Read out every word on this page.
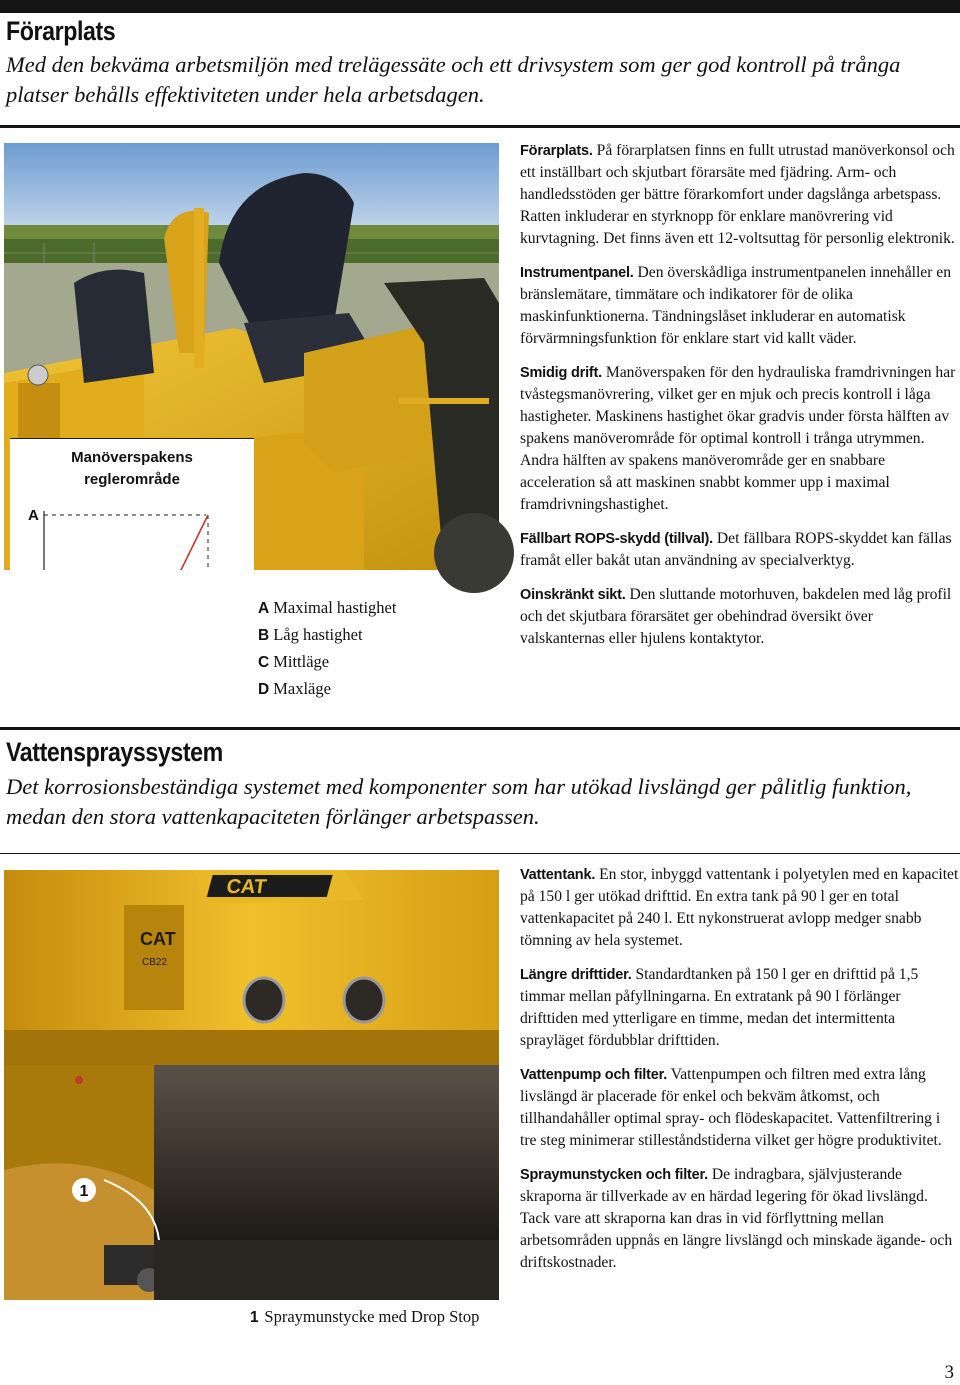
Förarplats

Med den bekväma arbetsmiljön med trelägessäte och ett drivsystem som ger god kontroll på trånga platser behålls effektiviteten under hela arbetsdagen.

Manöverspakens
reglerområde
A
A Maximal hastighet
B Låg hastighet
C Mittläge
D Maxläge

Förarplats. På förarplatsen finns en fullt utrustad manöverkonsol och ett inställbart och skjutbart förarsäte med fjädring. Arm- och handledsstöden ger bättre förarkomfort under dagslånga arbetspass. Ratten inkluderar en styrknopp för enklare manövrering vid kurvtagning. Det finns även ett 12-voltsuttag för personlig elektronik.

Instrumentpanel. Den överskådliga instrumentpanelen innehåller en bränslemätare, timmätare och indikatorer för de olika maskinfunktionerna. Tändningslåset inkluderar en automatisk förvärmningsfunktion för enklare start vid kallt väder.

Smidig drift. Manöverspaken för den hydrauliska framdrivningen har tvåstegsmanövrering, vilket ger en mjuk och precis kontroll i låga hastigheter. Maskinens hastighet ökar gradvis under första hälften av spakens manöverområde för optimal kontroll i trånga utrymmen. Andra hälften av spakens manöverområde ger en snabbare acceleration så att maskinen snabbt kommer upp i maximal framdrivningshastighet.

Fällbart ROPS-skydd (tillval). Det fällbara ROPS-skyddet kan fällas framåt eller bakåt utan användning av specialverktyg.

Oinskränkt sikt. Den sluttande motorhuven, bakdelen med låg profil och det skjutbara förarsätet ger obehindrad översikt över valskanternas eller hjulens kontaktytor.

Vattensprayssystem

Det korrosionsbeständiga systemet med komponenter som har utökad livslängd ger pålitlig funktion, medan den stora vattenkapaciteten förlänger arbetspassen.

CAT
CAT
CB22
1
1 Spraymunstycke med Drop Stop

Vattentank. En stor, inbyggd vattentank i polyetylen med en kapacitet på 150 l ger utökad drifttid. En extra tank på 90 l ger en total vattenkapacitet på 240 l. Ett nykonstruerat avlopp medger snabb tömning av hela systemet.

Längre drifttider. Standardtanken på 150 l ger en drifttid på 1,5 timmar mellan påfyllningarna. En extratank på 90 l förlänger drifttiden med ytterligare en timme, medan det intermittenta sprayläget fördubblar drifttiden.

Vattenpump och filter. Vattenpumpen och filtren med extra lång livslängd är placerade för enkel och bekväm åtkomst, och tillhandahåller optimal spray- och flödeskapacitet. Vattenfiltrering i tre steg minimerar stilleståndstiderna vilket ger högre produktivitet.

Spraymunstycken och filter. De indragbara, självjusterande skraporna är tillverkade av en härdad legering för ökad livslängd. Tack vare att skraporna kan dras in vid förflyttning mellan arbetsområden uppnås en längre livslängd och minskade ägande- och driftskostnader.

3
